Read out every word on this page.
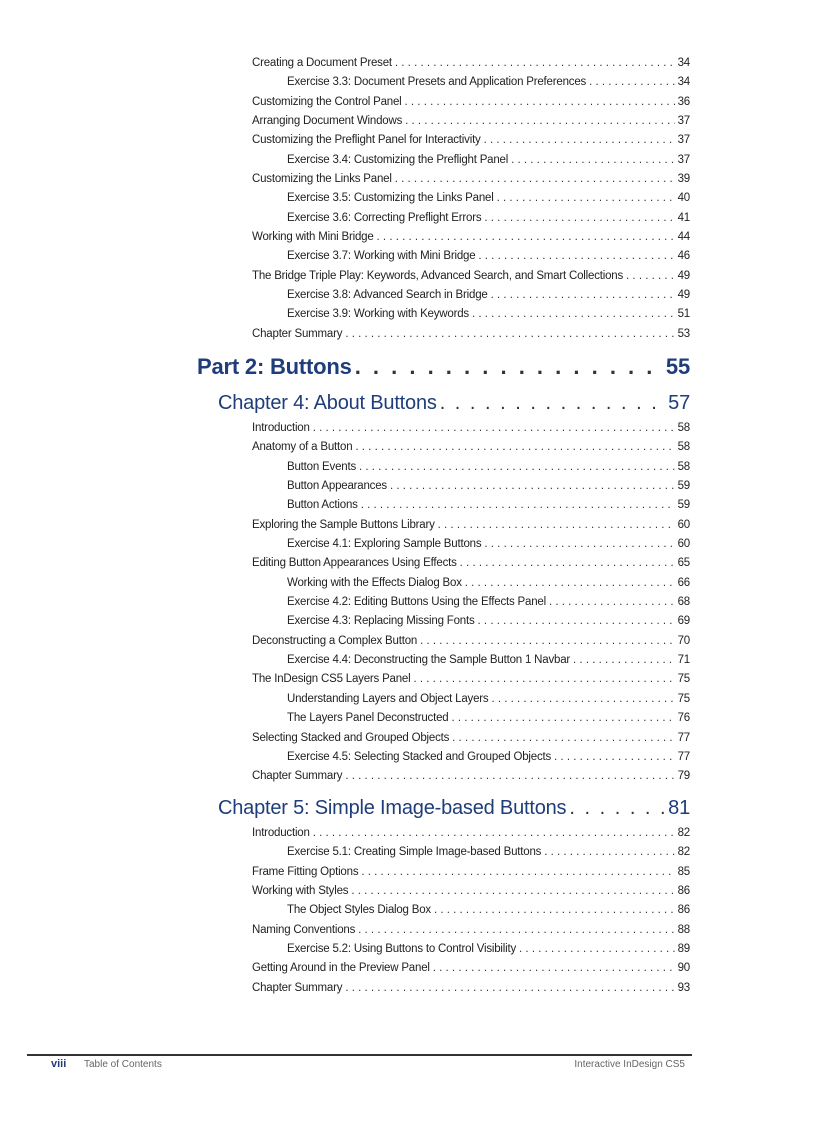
Creating a Document Preset . . .	34
Exercise 3.3: Document Presets and Application Preferences . . .	34
Customizing the Control Panel . . .	36
Arranging Document Windows . . .	37
Customizing the Preflight Panel for Interactivity . . .	37
Exercise 3.4: Customizing the Preflight Panel . . .	37
Customizing the Links Panel . . .	39
Exercise 3.5: Customizing the Links Panel . . .	40
Exercise 3.6: Correcting Preflight Errors . . .	41
Working with Mini Bridge . . .	44
Exercise 3.7: Working with Mini Bridge . . .	46
The Bridge Triple Play: Keywords, Advanced Search, and Smart Collections . . .	49
Exercise 3.8: Advanced Search in Bridge . . .	49
Exercise 3.9: Working with Keywords . . .	51
Chapter Summary . . .	53
Part 2: Buttons . . .	55
Chapter 4: About Buttons . . .	57
Introduction . . .	58
Anatomy of a Button . . .	58
Button Events . . .	58
Button Appearances . . .	59
Button Actions . . .	59
Exploring the Sample Buttons Library . . .	60
Exercise 4.1: Exploring Sample Buttons . . .	60
Editing Button Appearances Using Effects . . .	65
Working with the Effects Dialog Box . . .	66
Exercise 4.2: Editing Buttons Using the Effects Panel . . .	68
Exercise 4.3: Replacing Missing Fonts . . .	69
Deconstructing a Complex Button . . .	70
Exercise 4.4: Deconstructing the Sample Button 1 Navbar . . .	71
The InDesign CS5 Layers Panel . . .	75
Understanding Layers and Object Layers . . .	75
The Layers Panel Deconstructed . . .	76
Selecting Stacked and Grouped Objects . . .	77
Exercise 4.5: Selecting Stacked and Grouped Objects . . .	77
Chapter Summary . . .	79
Chapter 5: Simple Image-based Buttons . . .	81
Introduction . . .	82
Exercise 5.1: Creating Simple Image-based Buttons . . .	82
Frame Fitting Options . . .	85
Working with Styles . . .	86
The Object Styles Dialog Box . . .	86
Naming Conventions . . .	88
Exercise 5.2: Using Buttons to Control Visibility . . .	89
Getting Around in the Preview Panel . . .	90
Chapter Summary . . .	93
viii Table of Contents	Interactive InDesign CS5
